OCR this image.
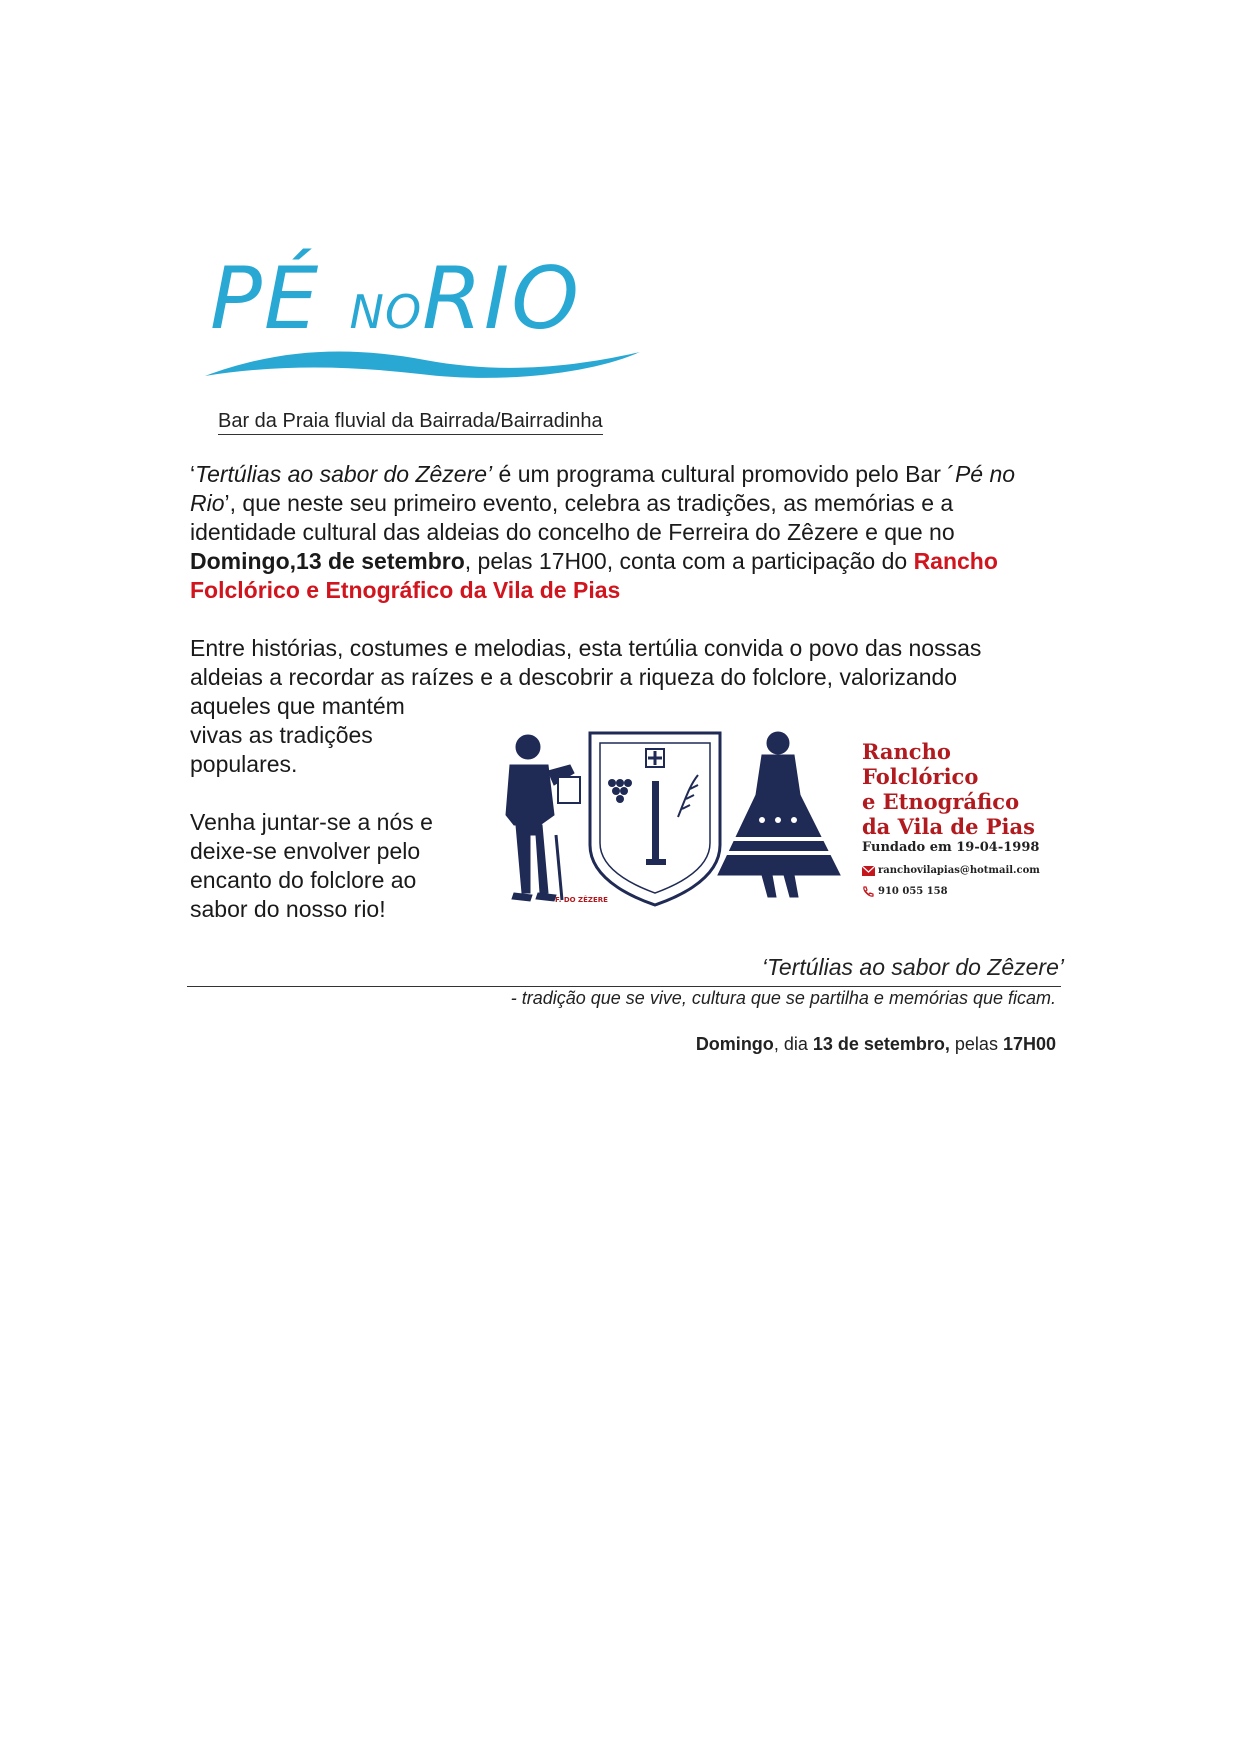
PÉ NORIO
Bar da Praia fluvial da Bairrada/Bairradinha
‘Tertúlias ao sabor do Zêzere’ é um programa cultural promovido pelo Bar ´Pé no
Rio’, que neste seu primeiro evento, celebra as tradições, as memórias e a
identidade cultural das aldeias do concelho de Ferreira do Zêzere e que no
Domingo,13 de setembro, pelas 17H00, conta com a participação do Rancho
Folclórico e Etnográfico da Vila de Pias
Entre histórias, costumes e melodias, esta tertúlia convida o povo das nossas
aldeias a recordar as raízes e a descobrir a riqueza do folclore, valorizando
aqueles que mantém
vivas as tradições
populares.
Venha juntar-se a nós e
deixe-se envolver pelo
encanto do folclore ao
sabor do nosso rio!	F. DO ZÊZERE
Rancho
Folclórico
e Etnográfico
da Vila de Pias
Fundado em 19-04-1998
ranchovilapias@hotmail.com
910 055 158
‘Tertúlias ao sabor do Zêzere’
- tradição que se vive, cultura que se partilha e memórias que ficam.
Domingo, dia 13 de setembro, pelas 17H00
